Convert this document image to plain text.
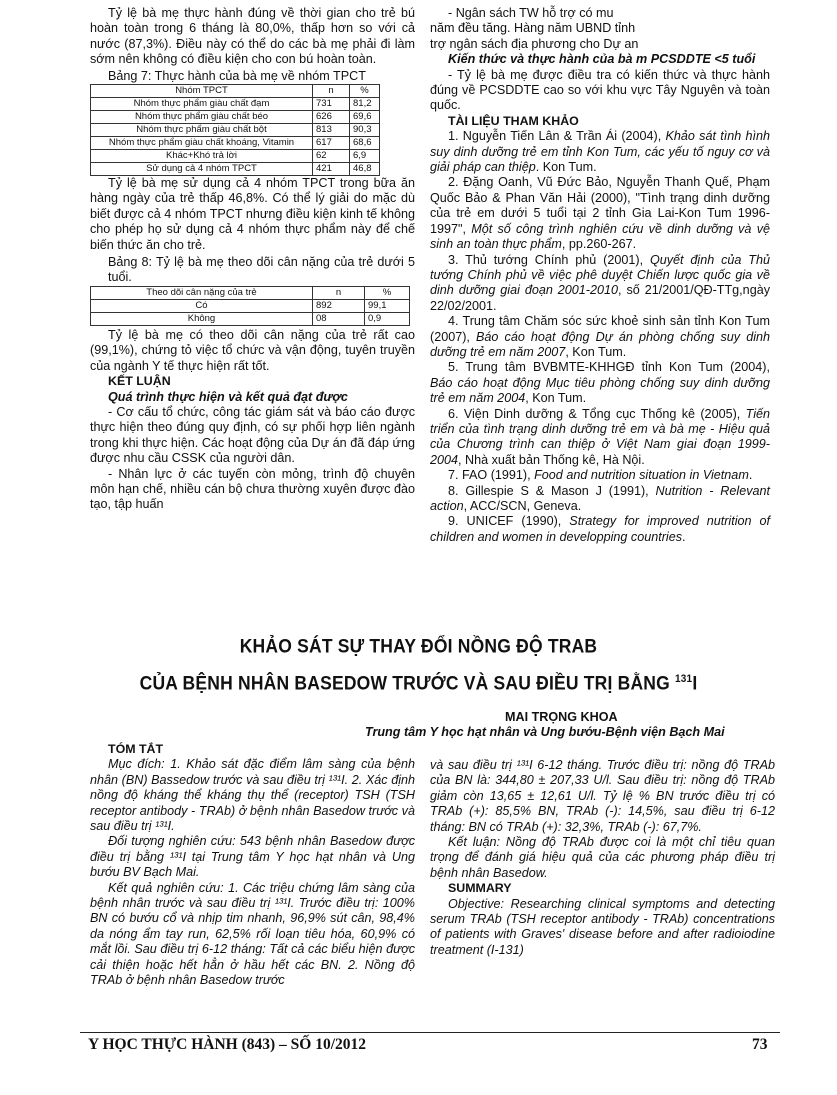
Tỷ lệ bà mẹ thực hành đúng về thời gian cho trẻ bú hoàn toàn trong 6 tháng là 80,0%, thấp hơn so với cả nước (87,3%). Điều này có thể do các bà mẹ phải đi làm sớm nên không có điều kiện cho con bú hoàn toàn.

Bảng 7: Thực hành của bà mẹ về nhóm TPCT

Nhóm TPCT	n	%
Nhóm thực phẩm giàu chất đạm	731	81,2
Nhóm thực phẩm giàu chất béo	626	69,6
Nhóm thực phẩm giàu chất bột	813	90,3
Nhóm thực phẩm giàu chất khoáng, Vitamin	617	68,6
Khác+Khó trả lời	62	6,9
Sử dụng cả 4 nhóm TPCT	421	46,8

Tỷ lệ bà mẹ sử dụng cả 4 nhóm TPCT trong bữa ăn hàng ngày của trẻ thấp 46,8%. Có thể lý giải do mặc dù biết được cả 4 nhóm TPCT nhưng điều kiện kinh tế không cho phép họ sử dụng cả 4 nhóm thực phẩm này để chế biến thức ăn cho trẻ.

Bảng 8: Tỷ lệ bà mẹ theo dõi cân nặng của trẻ dưới 5 tuổi.

Theo dõi cân nặng của trẻ	n	%
Có	892	99,1
Không	08	0,9

Tỷ lệ bà mẹ có theo dõi cân nặng của trẻ rất cao (99,1%), chứng tỏ việc tổ chức và vận động, tuyên truyền của ngành Y tế thực hiện rất tốt.

KẾT LUẬN

Quá trình thực hiện và kết quả đạt được

- Cơ cấu tổ chức, công tác giám sát và báo cáo được thực hiện theo đúng quy định, có sự phối hợp liên ngành trong khi thực hiện. Các hoạt động của Dự án đã đáp ứng được nhu cầu CSSK của người dân.

- Nhân lực ở các tuyến còn mỏng, trình độ chuyên môn hạn chế, nhiều cán bộ chưa thường xuyên được đào tạo, tập huấn

- Ngân sách TW hỗ trợ có mu

năm đều tăng. Hàng năm UBND tỉnh

trợ ngân sách địa phương cho Dự an

Kiến thức và thực hành của bà m PCSDDTE <5 tuổi

- Tỷ lệ bà mẹ được điều tra có kiến thức và thực hành đúng về PCSDDTE cao so với khu vực Tây Nguyên và toàn quốc.

TÀI LIỆU THAM KHẢO

1. Nguyễn Tiến Lân & Trần Ái (2004), Khảo sát tình hình suy dinh dưỡng trẻ em tỉnh Kon Tum, các yếu tố nguy cơ và giải pháp can thiệp. Kon Tum.

2. Đặng Oanh, Vũ Đức Bảo, Nguyễn Thanh Quế, Phạm Quốc Bảo & Phan Văn Hải (2000), "Tình trạng dinh dưỡng của trẻ em dưới 5 tuổi tại 2 tỉnh Gia Lai-Kon Tum 1996-1997", Một số công trình nghiên cứu về dinh dưỡng và vệ sinh an toàn thực phẩm, pp.260-267.

3. Thủ tướng Chính phủ (2001), Quyết định của Thủ tướng Chính phủ về việc phê duyệt Chiến lược quốc gia về dinh dưỡng giai đoạn 2001-2010, số 21/2001/QĐ-TTg,ngày 22/02/2001.

4. Trung tâm Chăm sóc sức khoẻ sinh sản tỉnh Kon Tum (2007), Báo cáo hoạt động Dự án phòng chống suy dinh dưỡng trẻ em năm 2007, Kon Tum.

5. Trung tâm BVBMTE-KHHGĐ tỉnh Kon Tum (2004), Báo cáo hoạt động Mục tiêu phòng chống suy dinh dưỡng trẻ em năm 2004, Kon Tum.

6. Viện Dinh dưỡng & Tổng cục Thống kê (2005), Tiến triển của tình trạng dinh dưỡng trẻ em và bà mẹ - Hiệu quả của Chương trình can thiệp ở Việt Nam giai đoạn 1999-2004, Nhà xuất bản Thống kê, Hà Nội.

7. FAO (1991), Food and nutrition situation in Vietnam.

8. Gillespie S & Mason J (1991), Nutrition - Relevant action, ACC/SCN, Geneva.

9. UNICEF (1990), Strategy for improved nutrition of children and women in developping countries.

KHẢO SÁT SỰ THAY ĐỔI NỒNG ĐỘ TRAB
CỦA BỆNH NHÂN BASEDOW TRƯỚC VÀ SAU ĐIỀU TRỊ BẰNG $^{131}$I
MAI TRỌNG KHOA
Trung tâm Y học hạt nhân và Ung bướu-Bệnh viện Bạch Mai

TÓM TẮT

Mục đích: 1. Khảo sát đặc điểm lâm sàng của bệnh nhân (BN) Bassedow trước và sau điều trị ¹³¹I. 2. Xác định nồng độ kháng thể kháng thụ thể (receptor) TSH (TSH receptor antibody - TRAb) ở bệnh nhân Basedow trước và sau điều trị ¹³¹I.

Đối tượng nghiên cứu: 543 bệnh nhân Basedow được điều trị bằng ¹³¹I tại Trung tâm Y học hạt nhân và Ung bướu BV Bạch Mai.

Kết quả nghiên cứu: 1. Các triệu chứng lâm sàng của bệnh nhân trước và sau điều trị ¹³¹I. Trước điều trị: 100% BN có bướu cổ và nhịp tim nhanh, 96,9% sút cân, 98,4% da nóng ẩm tay run, 62,5% rối loạn tiêu hóa, 60,9% có mắt lồi. Sau điều trị 6-12 tháng: Tất cả các biểu hiện được cải thiện hoặc hết hẳn ở hầu hết các BN. 2. Nồng độ TRAb ở bệnh nhân Basedow trước

và sau điều trị ¹³¹I 6-12 tháng. Trước điều trị: nồng độ TRAb của BN là: 344,80 ± 207,33 U/l. Sau điều trị: nồng độ TRAb giảm còn 13,65 ± 12,61 U/l. Tỷ lệ % BN trước điều trị có TRAb (+): 85,5% BN, TRAb (-): 14,5%, sau điều trị 6-12 tháng: BN có TRAb (+): 32,3%, TRAb (-): 67,7%.

Kết luận: Nồng độ TRAb được coi là một chỉ tiêu quan trọng để đánh giá hiệu quả của các phương pháp điều trị bệnh nhân Basedow.

SUMMARY

Objective: Researching clinical symptoms and detecting serum TRAb (TSH receptor antibody - TRAb) concentrations of patients with Graves' disease before and after radioiodine treatment (I-131)

Y HỌC THỰC HÀNH (843) – SỐ 10/2012	73
